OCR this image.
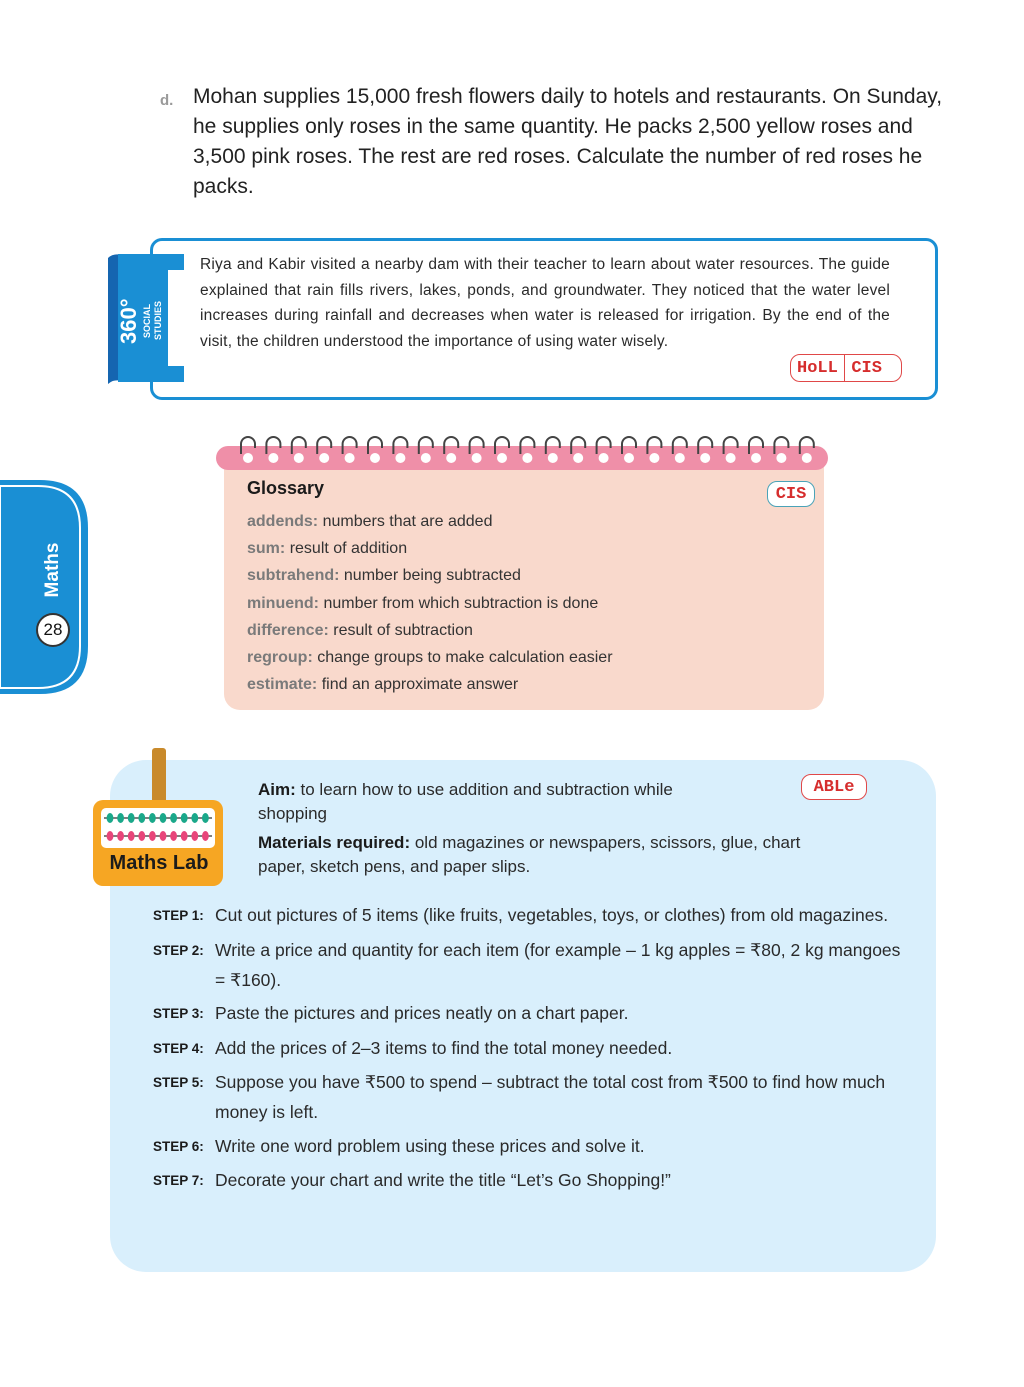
d. Mohan supplies 15,000 fresh flowers daily to hotels and restaurants. On Sunday, he supplies only roses in the same quantity. He packs 2,500 yellow roses and 3,500 pink roses. The rest are red roses. Calculate the number of red roses he packs.
360° SOCIAL STUDIES
Riya and Kabir visited a nearby dam with their teacher to learn about water resources. The guide explained that rain fills rivers, lakes, ponds, and groundwater. They noticed that the water level increases during rainfall and decreases when water is released for irrigation. By the end of the visit, the children understood the importance of using water wisely.
HoLL CIS
Maths
28
Glossary	CIS
addends: numbers that are added
sum: result of addition
subtrahend: number being subtracted
minuend: number from which subtraction is done
difference: result of subtraction
regroup: change groups to make calculation easier
estimate: find an approximate answer
Maths Lab
ABLe
Aim: to learn how to use addition and subtraction while shopping
Materials required: old magazines or newspapers, scissors, glue, chart paper, sketch pens, and paper slips.
STEP 1: Cut out pictures of 5 items (like fruits, vegetables, toys, or clothes) from old magazines.
STEP 2: Write a price and quantity for each item (for example – 1 kg apples = ₹80, 2 kg mangoes = ₹160).
STEP 3: Paste the pictures and prices neatly on a chart paper.
STEP 4: Add the prices of 2–3 items to find the total money needed.
STEP 5: Suppose you have ₹500 to spend – subtract the total cost from ₹500 to find how much money is left.
STEP 6: Write one word problem using these prices and solve it.
STEP 7: Decorate your chart and write the title “Let’s Go Shopping!”
